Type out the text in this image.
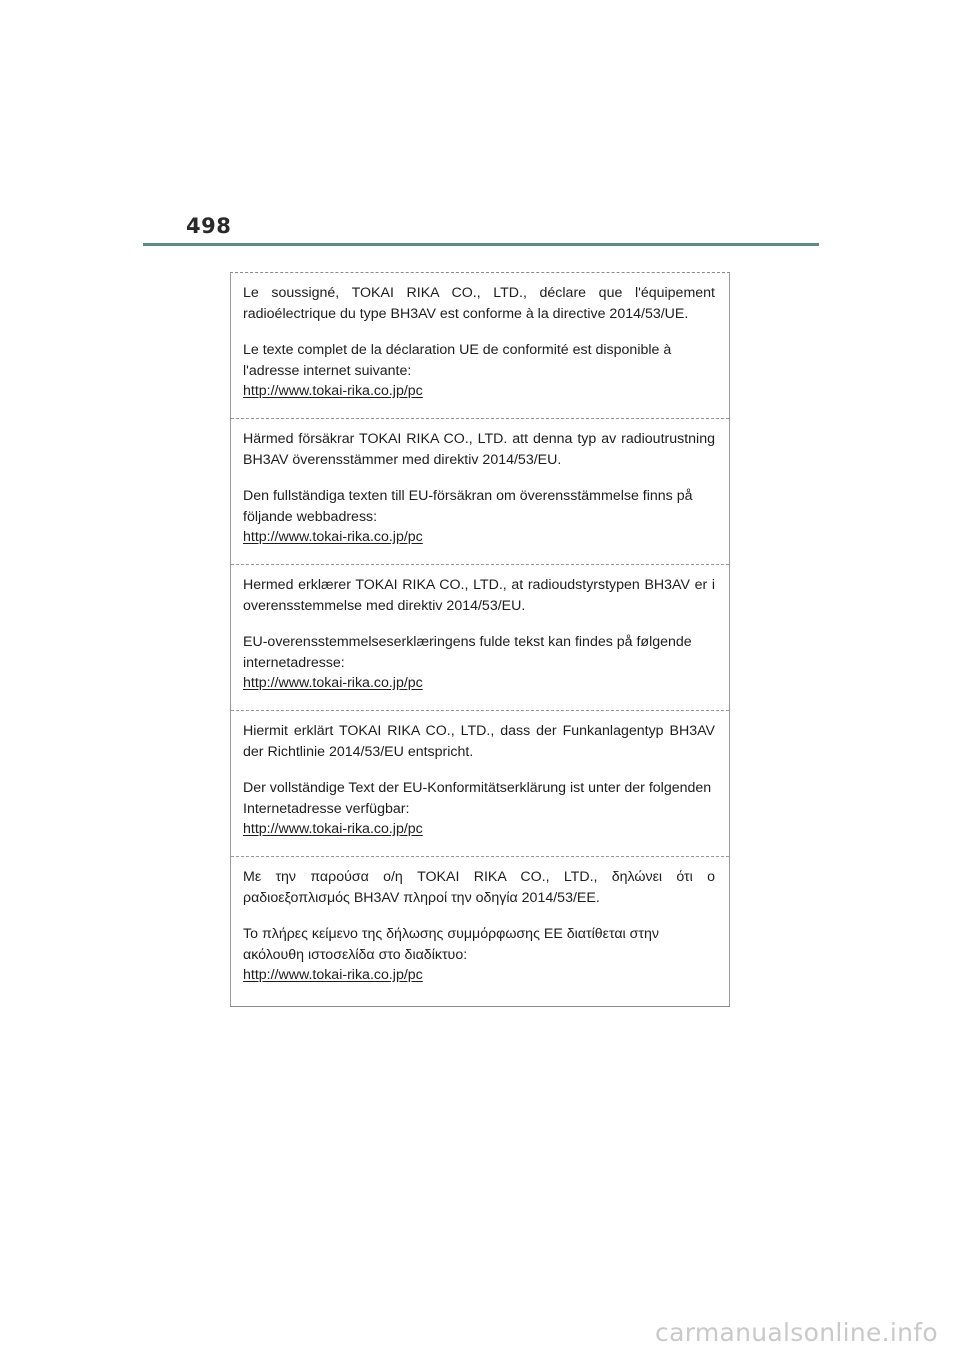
498

Le soussigné, TOKAI RIKA CO., LTD., déclare que l'équipement radioélectrique du type BH3AV est conforme à la directive 2014/53/UE.

Le texte complet de la déclaration UE de conformité est disponible à l'adresse internet suivante:

http://www.tokai-rika.co.jp/pc

Härmed försäkrar TOKAI RIKA CO., LTD. att denna typ av radioutrustning BH3AV överensstämmer med direktiv 2014/53/EU.

Den fullständiga texten till EU-försäkran om överensstämmelse finns på följande webbadress:

http://www.tokai-rika.co.jp/pc

Hermed erklærer TOKAI RIKA CO., LTD., at radioudstyrstypen BH3AV er i overensstemmelse med direktiv 2014/53/EU.

EU-overensstemmelseserklæringens fulde tekst kan findes på følgende internetadresse:

http://www.tokai-rika.co.jp/pc

Hiermit erklärt TOKAI RIKA CO., LTD., dass der Funkanlagentyp BH3AV der Richtlinie 2014/53/EU entspricht.

Der vollständige Text der EU-Konformitätserklärung ist unter der folgenden Internetadresse verfügbar:

http://www.tokai-rika.co.jp/pc

Με την παρούσα ο/η TOKAI RIKA CO., LTD., δηλώνει ότι ο ραδιοεξοπλισμός BH3AV πληροί την οδηγία 2014/53/ΕΕ.

Το πλήρες κείμενο της δήλωσης συμμόρφωσης ΕΕ διατίθεται στην ακόλουθη ιστοσελίδα στο διαδίκτυο:

http://www.tokai-rika.co.jp/pc

carmanualsonline.info
